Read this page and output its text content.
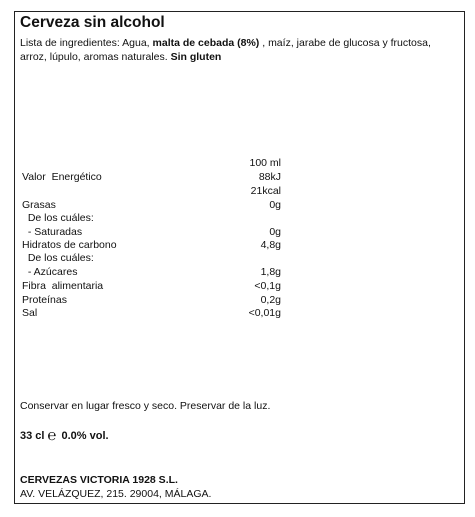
Cerveza sin alcohol

Lista de ingredientes: Agua, malta de cebada (8%) , maíz, jarabe de glucosa y fructosa, arroz, lúpulo, aromas naturales. Sin gluten

100 ml
Valor  Energético	88kJ
21kcal
Grasas	0g
De los cuáles:
- Saturadas	0g
Hidratos de carbono	4,8g
De los cuáles:
- Azúcares	1,8g
Fibra  alimentaria	<0,1g
Proteínas	0,2g
Sal	<0,01g
Conservar en lugar fresco y seco. Preservar de la luz.
33 cl ℮ 0.0% vol.
CERVEZAS VICTORIA 1928 S.L.
AV. VELÁZQUEZ, 215. 29004, MÁLAGA.
